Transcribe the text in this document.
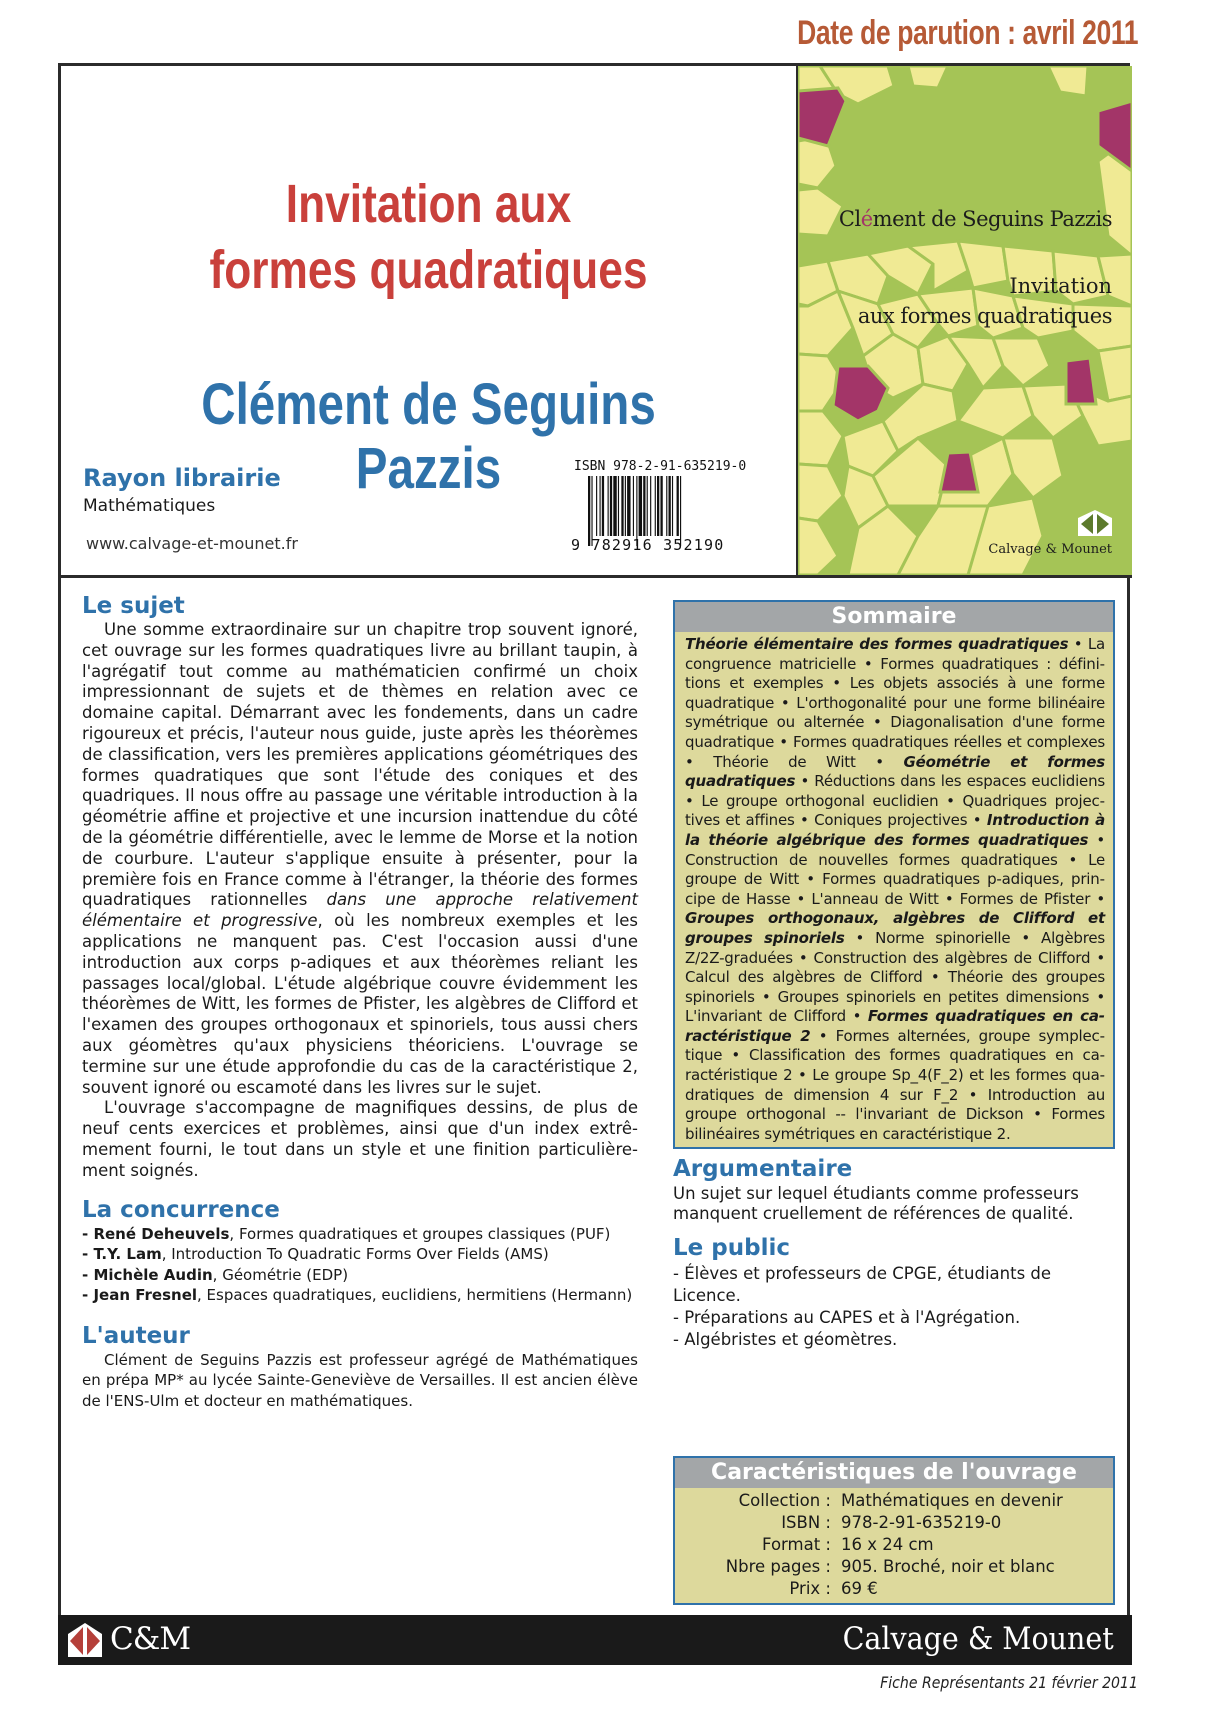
Date de parution : avril 2011
Invitation aux
formes quadratiques
Clément de Seguins Pazzis
Rayon librairie
Mathématiques
www.calvage-et-mounet.fr
ISBN 978-2-91-635219-0
9 782916 352190
Clément de Seguins Pazzis
Invitation
aux formes quadratiques
Calvage & Mounet
Le sujet

Une somme extraordinaire sur un chapitre trop souvent ignoré, cet ouvrage sur les formes quadratiques livre au brillant taupin, à l'agrégatif tout comme au mathématicien confirmé un choix impressionnant de sujets et de thèmes en relation avec ce domaine capital. Démarrant avec les fondements, dans un cadre rigoureux et précis, l'auteur nous guide, juste après les théorèmes de classification, vers les premières applications géométriques des formes quadratiques que sont l'étude des coniques et des quadriques. Il nous offre au passage une véritable introduction à la géométrie affine et projective et une incursion inattendue du côté de la géométrie différentielle, avec le lemme de Morse et la notion de courbure. L'auteur s'applique ensuite à présenter, pour la première fois en France comme à l'étranger, la théorie des formes quadratiques rationnelles dans une approche relativement élémentaire et progressive, où les nombreux exemples et les applications ne manquent pas. C'est l'occasion aussi d'une introduction aux corps p-adiques et aux théorèmes reliant les passages local/global. L'étude algébrique couvre évidemment les théorèmes de Witt, les formes de Pfister, les algèbres de Clifford et l'examen des groupes orthogonaux et spinoriels, tous aussi chers aux géomètres qu'aux physiciens théoriciens. L'ouvrage se termine sur une étude approfondie du cas de la caractéristique 2, souvent ignoré ou escamoté dans les livres sur le sujet.

L'ouvrage s'accompagne de magnifiques dessins, de plus de neuf cents exercices et problèmes, ainsi que d'un index extrêmement fourni, le tout dans un style et une finition particulièrement soignés.

La concurrence
- René Deheuvels, Formes quadratiques et groupes classiques (PUF)
- T.Y. Lam, Introduction To Quadratic Forms Over Fields (AMS)
- Michèle Audin, Géométrie (EDP)
- Jean Fresnel, Espaces quadratiques, euclidiens, hermitiens (Hermann)
L'auteur

Clément de Seguins Pazzis est professeur agrégé de Mathématiques en prépa MP* au lycée Sainte-Geneviève de Versailles. Il est ancien élève de l'ENS-Ulm et docteur en mathématiques.

Sommaire
Théorie élémentaire des formes quadratiques • La congruence matricielle • Formes quadratiques : définitions et exemples • Les objets associés à une forme quadratique • L'orthogonalité pour une forme bilinéaire symétrique ou alternée • Diagonalisation d'une forme quadratique • Formes quadratiques réelles et complexes • Théorie de Witt • Géométrie et formes quadratiques • Réductions dans les espaces euclidiens • Le groupe orthogonal euclidien • Quadriques projectives et affines • Coniques projectives • Introduction à la théorie algébrique des formes quadratiques • Construction de nouvelles formes quadratiques • Le groupe de Witt • Formes quadratiques p-adiques, principe de Hasse • L'anneau de Witt • Formes de Pfister • Groupes orthogonaux, algèbres de Clifford et groupes spinoriels • Norme spinorielle • Algèbres Z/2Z-graduées • Construction des algèbres de Clifford • Calcul des algèbres de Clifford • Théorie des groupes spinoriels • Groupes spinoriels en petites dimensions • L'invariant de Clifford • Formes quadratiques en caractéristique 2 • Formes alternées, groupe symplectique • Classification des formes quadratiques en caractéristique 2 • Le groupe Sp_4(F_2) et les formes quadratiques de dimension 4 sur F_2 • Introduction au groupe orthogonal -- l'invariant de Dickson • Formes bilinéaires symétriques en caractéristique 2.
Argumentaire

Un sujet sur lequel étudiants comme professeurs manquent cruellement de références de qualité.

Le public
- Élèves et professeurs de CPGE, étudiants de Licence.
- Préparations au CAPES et à l'Agrégation.
- Algébristes et géomètres.
Caractéristiques de l'ouvrage
Collection : Mathématiques en devenir
ISBN : 978-2-91-635219-0
Format : 16 x 24 cm
Nbre pages : 905. Broché, noir et blanc
Prix : 69 €
C&M	Calvage & Mounet
Fiche Représentants 21 février 2011
